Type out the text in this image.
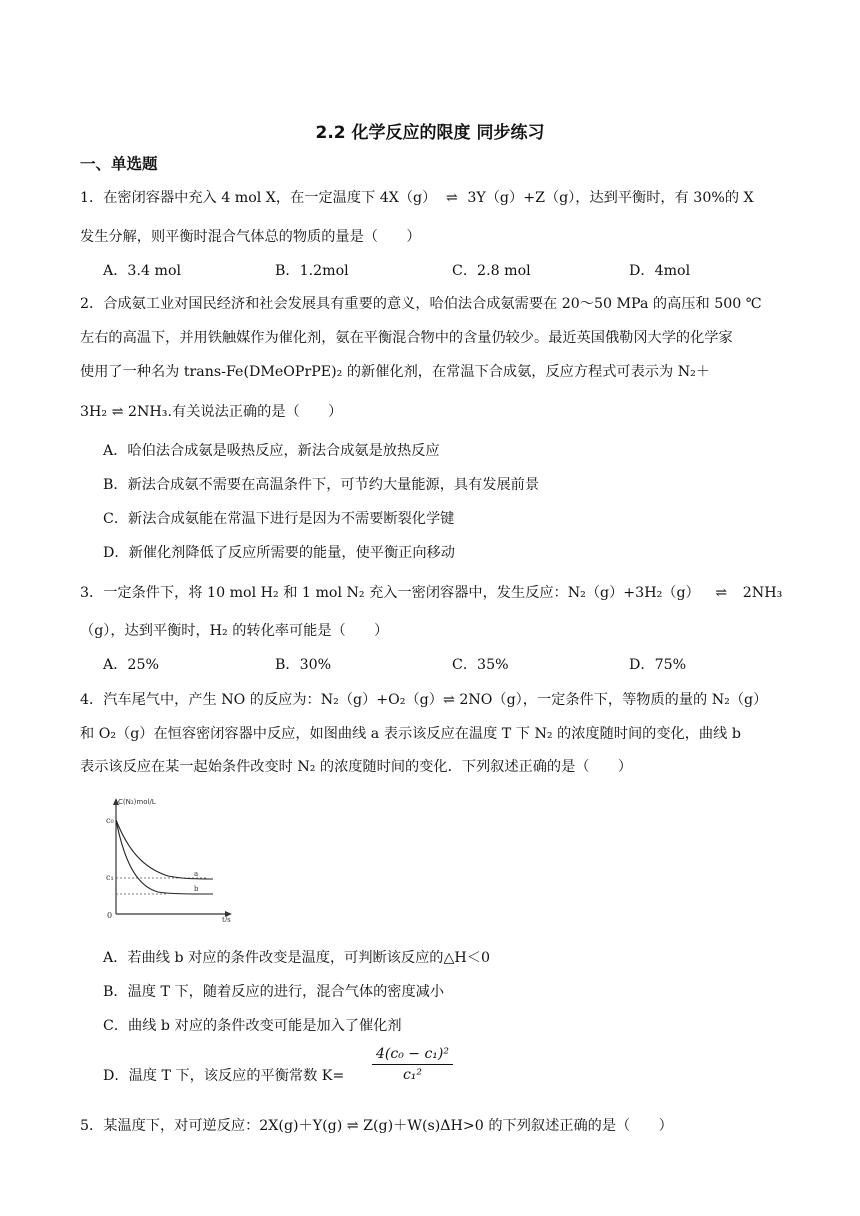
2.2 化学反应的限度 同步练习
一、单选题
1．在密闭容器中充入 4 mol X，在一定温度下 4X（g） ⇌ 3Y（g）+Z（g），达到平衡时，有 30%的 X
发生分解，则平衡时混合气体总的物质的量是（　　）
A．3.4 mol	B．1.2mol	C．2.8 mol	D．4mol
2．合成氨工业对国民经济和社会发展具有重要的意义，哈伯法合成氨需要在 20～50 MPa 的高压和 500 ℃
左右的高温下，并用铁触媒作为催化剂，氨在平衡混合物中的含量仍较少。最近英国俄勒冈大学的化学家
使用了一种名为 trans-Fe(DMeOPrPE)₂ 的新催化剂，在常温下合成氨，反应方程式可表示为 N₂＋
3H₂ ⇌ 2NH₃.有关说法正确的是（　　）
A．哈伯法合成氨是吸热反应，新法合成氨是放热反应
B．新法合成氨不需要在高温条件下，可节约大量能源，具有发展前景
C．新法合成氨能在常温下进行是因为不需要断裂化学键
D．新催化剂降低了反应所需要的能量，使平衡正向移动
3．一定条件下，将 10 mol H₂ 和 1 mol N₂ 充入一密闭容器中，发生反应：N₂（g）+3H₂（g） ⇌ 2NH₃
（g），达到平衡时，H₂ 的转化率可能是（　　）
A．25%	B．30%	C．35%	D．75%
4．汽车尾气中，产生 NO 的反应为：N₂（g）+O₂（g）⇌ 2NO（g），一定条件下，等物质的量的 N₂（g）
和 O₂（g）在恒容密闭容器中反应，如图曲线 a 表示该反应在温度 T 下 N₂ 的浓度随时间的变化，曲线 b
表示该反应在某一起始条件改变时 N₂ 的浓度随时间的变化．下列叙述正确的是（　　）
C(N₂)mol/L
c₀
c₁
0	t/s
a
b
A．若曲线 b 对应的条件改变是温度，可判断该反应的△H＜0
B．温度 T 下，随着反应的进行，混合气体的密度减小
C．曲线 b 对应的条件改变可能是加入了催化剂
D．温度 T 下，该反应的平衡常数 K=
4(c₀ − c₁)²
c₁²
5．某温度下，对可逆反应：2X(g)＋Y(g) ⇌ Z(g)＋W(s)ΔH>0 的下列叙述正确的是（　　）
